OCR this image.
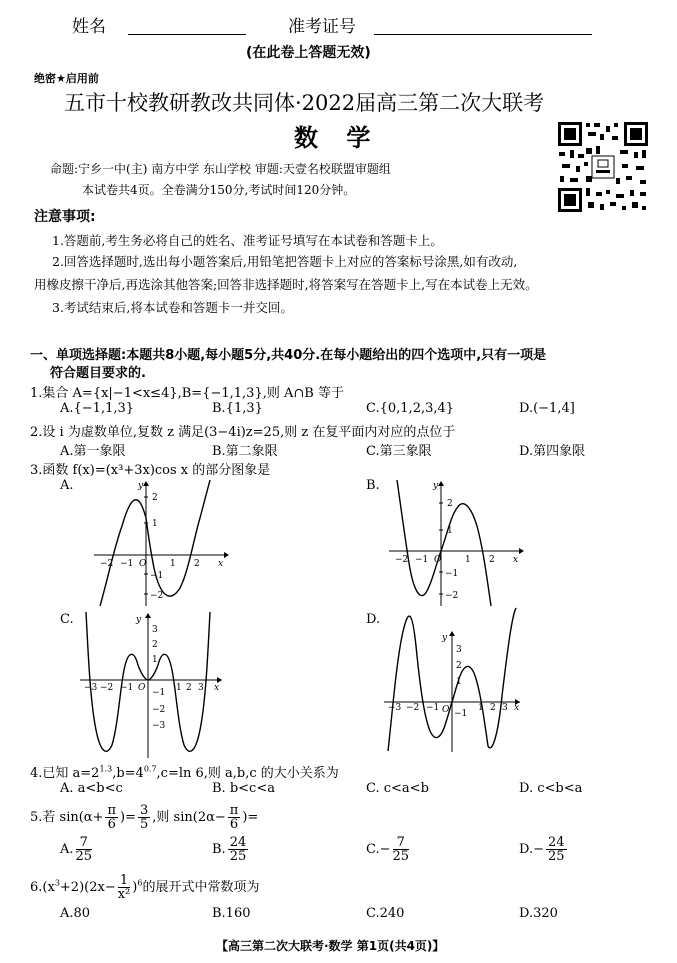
姓名	准考证号
(在此卷上答题无效)
绝密★启用前
五市十校教研教改共同体·2022届高三第二次大联考
数 学
命题:宁乡一中(主) 南方中学 东山学校 审题:天壹名校联盟审题组
本试卷共4页。全卷满分150分,考试时间120分钟。
注意事项:
1.答题前,考生务必将自己的姓名、准考证号填写在本试卷和答题卡上。
2.回答选择题时,选出每小题答案后,用铅笔把答题卡上对应的答案标号涂黑,如有改动,
用橡皮擦干净后,再选涂其他答案;回答非选择题时,将答案写在答题卡上,写在本试卷上无效。
3.考试结束后,将本试卷和答题卡一并交回。
一、单项选择题:本题共8小题,每小题5分,共40分.在每小题给出的四个选项中,只有一项是
符合题目要求的.
1.集合 A={x|−1<x≤4},B={−1,1,3},则 A∩B 等于
A.{−1,1,3}	B.{1,3}	C.{0,1,2,3,4}	D.(−1,4]
2.设 i 为虚数单位,复数 z 满足(3−4i)z=25,则 z 在复平面内对应的点位于
A.第一象限	B.第二象限	C.第三象限	D.第四象限
3.函数 f(x)=(x³+3x)cos x 的部分图象是
A.	y
2
1
−1
−2
−2 −1 O	1 2 x
B.	y
2
1
−1
−2
−2 −1 O	1 2 x
C.	y
3
2
1
−1
−2
−3
−3 −2 −1 O	1 2 3 x
D.
y
3
2
1
−3 −2 −1 O −1
1 2 3 x
4.已知 $a=2^{1.3},b=4^{0.7},c=\ln$ 6,则 a,b,c 的大小关系为
A. a<b<c	B. b<c<a	C. c<a<b	D. c<b<a
5.若 $\sin(\alpha+ \frac{\pi}{6}$ )= $\frac{3}{5}$ ,则 $\sin(2\alpha- \frac{\pi}{6}$ )=
A. $\frac{7}{25}$	B. $\frac{24}{25}$	$C.- \frac{7}{25}$	$D.- \frac{24}{25}$
$6.(x^3+2)(2x- \frac{1}{\text{x²}} )^6$的展开式中常数项为
A.80	B.160	C.240	D.320
【高三第二次大联考·数学 第1页(共4页)】
